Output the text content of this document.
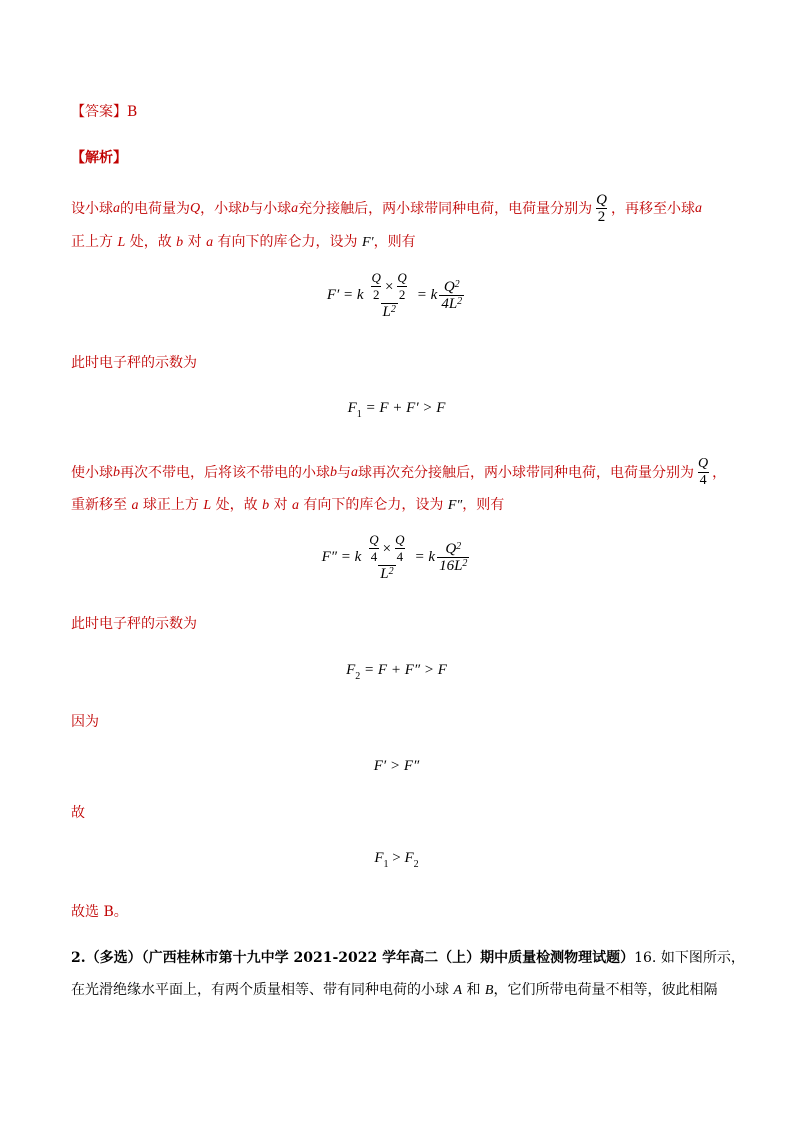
【答案】B
【解析】
设小球 a 的电荷量为 Q ，小球 b 与小球 a 充分接触后，两小球带同种电荷，电荷量分别为 $\frac{Q}{2}$ ，再移至小球 a
正上方 L 处，故 b 对 a 有向下的库仑力，设为 F′，则有
F′ = k $\frac{\frac{Q}{2} \times \frac{Q}{2}}{L^2} = k \frac{Q^2}{4L^2}$
此时电子秤的示数为
$F_1 = F + F' > F$
使小球 b 再次不带电，后将该不带电的小球 b 与 a 球再次充分接触后，两小球带同种电荷，电荷量分别为 $\frac{Q}{4}$ ，
重新移至 a 球正上方 L 处，故 b 对 a 有向下的库仑力，设为 F″，则有
F″ = k $\frac{\frac{Q}{4} \times \frac{Q}{4}}{L^2} = k \frac{Q^2}{16L^2}$
此时电子秤的示数为
$F_2 = F + F'' > F$
因为
F′ > F″
故
$F_1 > F_2$
故选 B。
2.（多选）（广西桂林市第十九中学 2021-2022 学年高二（上）期中质量检测物理试题）16. 如下图所示，
在光滑绝缘水平面上，有两个质量相等、带有同种电荷的小球 A 和 B，它们所带电荷量不相等，彼此相隔
